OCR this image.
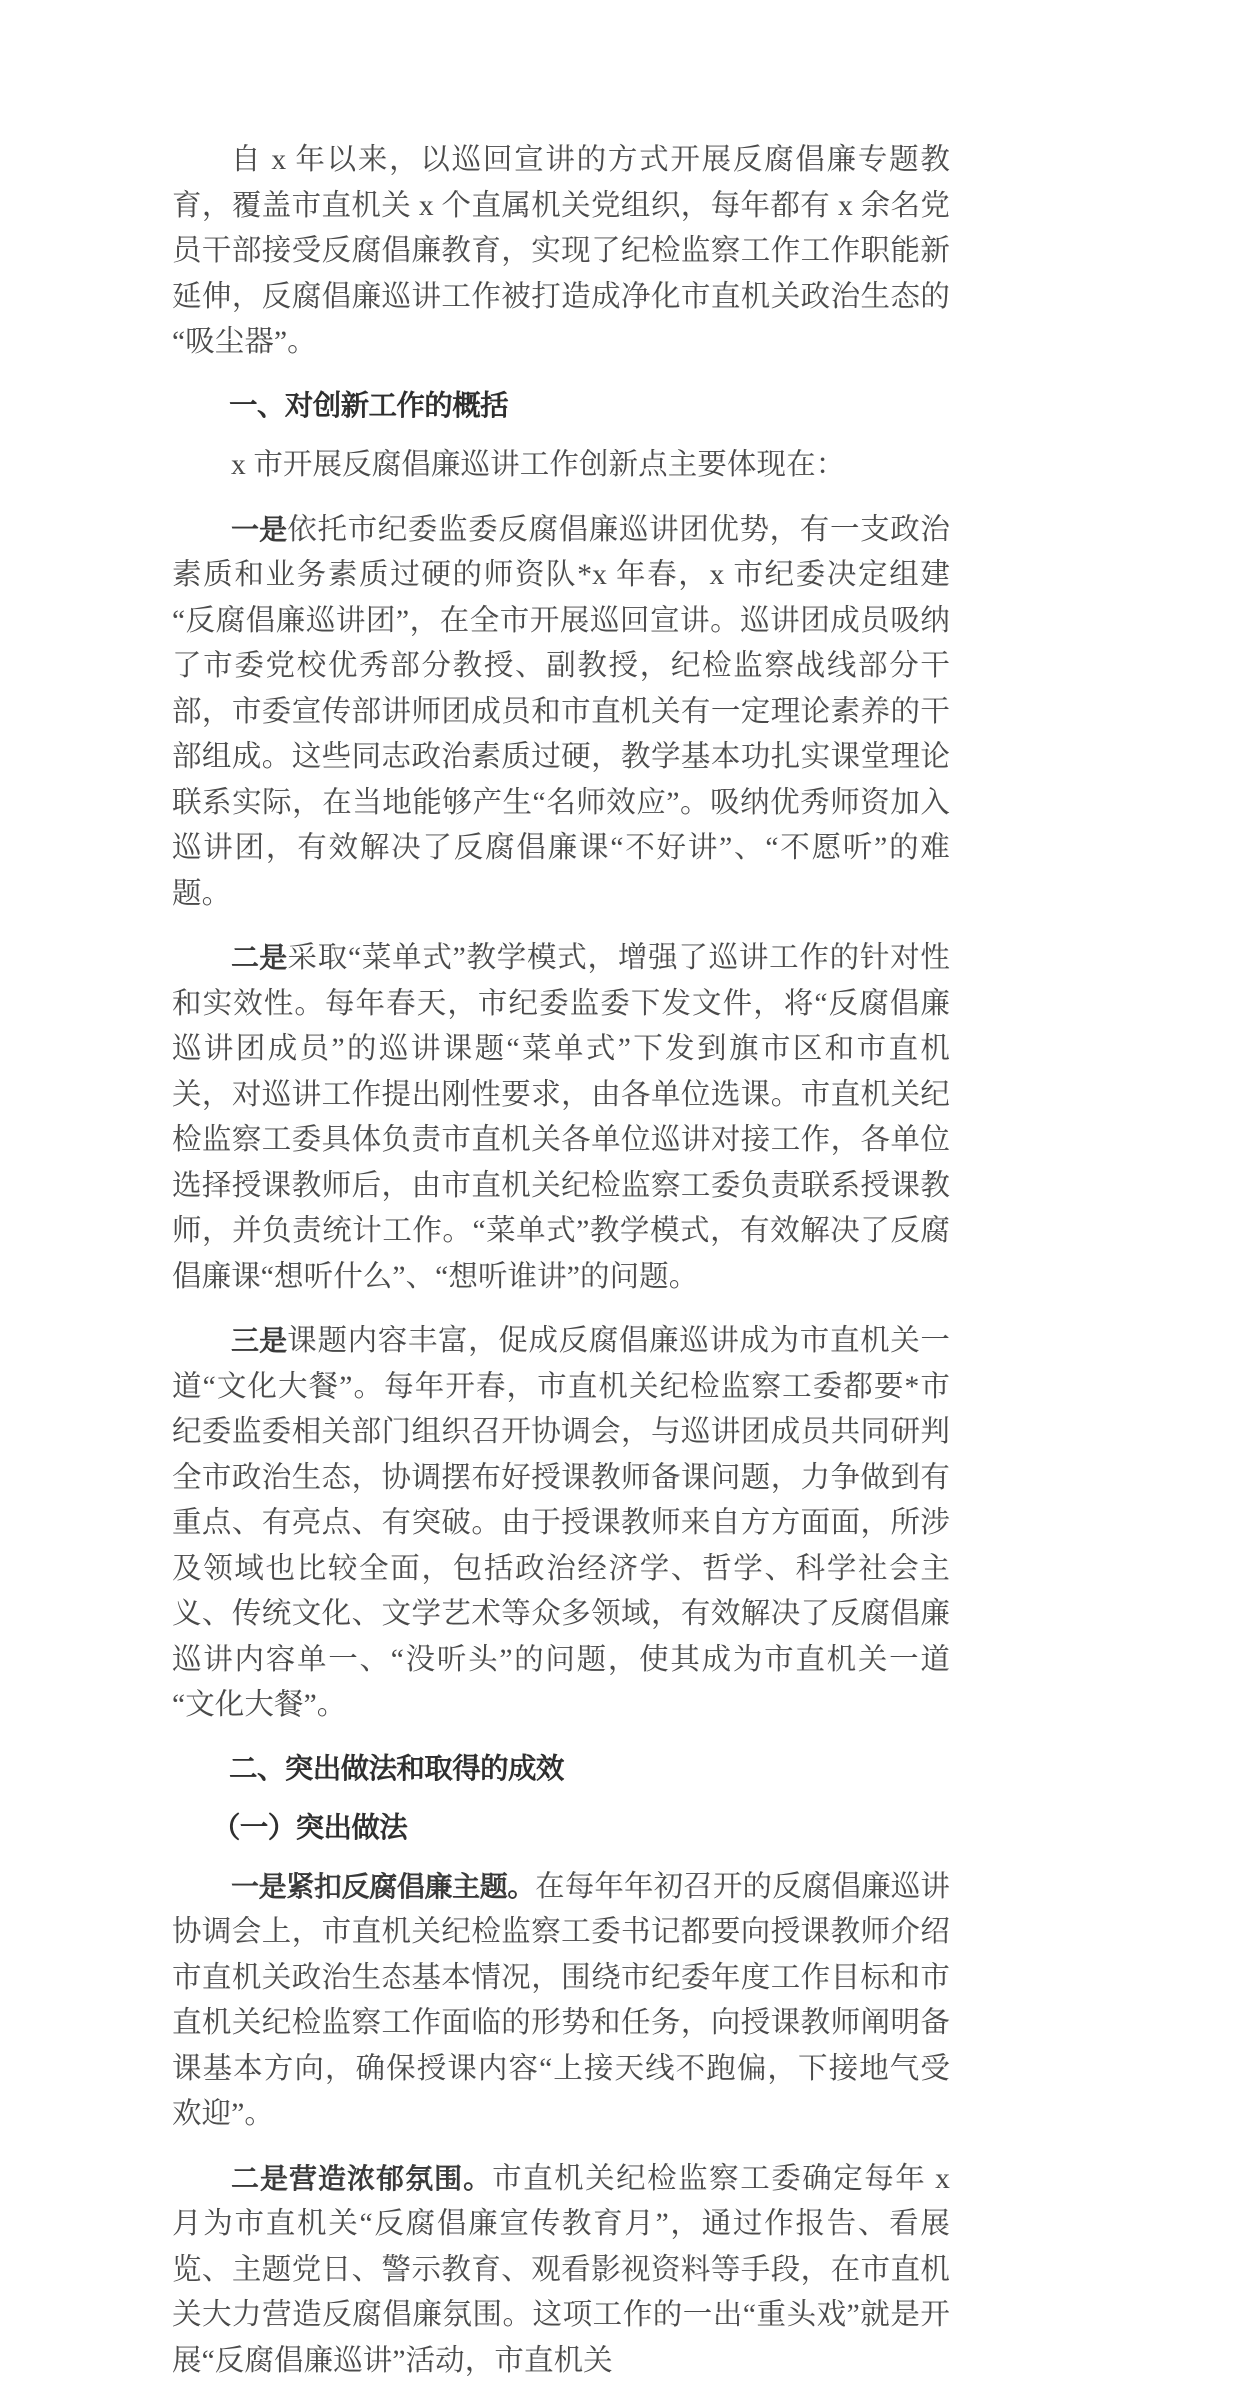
自 x 年以来，以巡回宣讲的方式开展反腐倡廉专题教育，覆盖市直机关 x 个直属机关党组织，每年都有 x 余名党员干部接受反腐倡廉教育，实现了纪检监察工作工作职能新延伸，反腐倡廉巡讲工作被打造成净化市直机关政治生态的“吸尘器”。

一、对创新工作的概括

x 市开展反腐倡廉巡讲工作创新点主要体现在：

一是依托市纪委监委反腐倡廉巡讲团优势，有一支政治素质和业务素质过硬的师资队*x 年春，x 市纪委决定组建“反腐倡廉巡讲团”，在全市开展巡回宣讲。巡讲团成员吸纳了市委党校优秀部分教授、副教授，纪检监察战线部分干部，市委宣传部讲师团成员和市直机关有一定理论素养的干部组成。这些同志政治素质过硬，教学基本功扎实课堂理论联系实际，在当地能够产生“名师效应”。吸纳优秀师资加入巡讲团，有效解决了反腐倡廉课“不好讲”、“不愿听”的难题。

二是采取“菜单式”教学模式，增强了巡讲工作的针对性和实效性。每年春天，市纪委监委下发文件，将“反腐倡廉巡讲团成员”的巡讲课题“菜单式”下发到旗市区和市直机关，对巡讲工作提出刚性要求，由各单位选课。市直机关纪检监察工委具体负责市直机关各单位巡讲对接工作，各单位选择授课教师后，由市直机关纪检监察工委负责联系授课教师，并负责统计工作。“菜单式”教学模式，有效解决了反腐倡廉课“想听什么”、“想听谁讲”的问题。

三是课题内容丰富，促成反腐倡廉巡讲成为市直机关一道“文化大餐”。每年开春，市直机关纪检监察工委都要*市纪委监委相关部门组织召开协调会，与巡讲团成员共同研判全市政治生态，协调摆布好授课教师备课问题，力争做到有重点、有亮点、有突破。由于授课教师来自方方面面，所涉及领域也比较全面，包括政治经济学、哲学、科学社会主义、传统文化、文学艺术等众多领域，有效解决了反腐倡廉巡讲内容单一、“没听头”的问题，使其成为市直机关一道“文化大餐”。

二、突出做法和取得的成效
（一）突出做法

一是紧扣反腐倡廉主题。在每年年初召开的反腐倡廉巡讲协调会上，市直机关纪检监察工委书记都要向授课教师介绍市直机关政治生态基本情况，围绕市纪委年度工作目标和市直机关纪检监察工作面临的形势和任务，向授课教师阐明备课基本方向，确保授课内容“上接天线不跑偏，下接地气受欢迎”。

二是营造浓郁氛围。市直机关纪检监察工委确定每年 x 月为市直机关“反腐倡廉宣传教育月”，通过作报告、看展览、主题党日、警示教育、观看影视资料等手段，在市直机关大力营造反腐倡廉氛围。这项工作的一出“重头戏”就是开展“反腐倡廉巡讲”活动，市直机关
